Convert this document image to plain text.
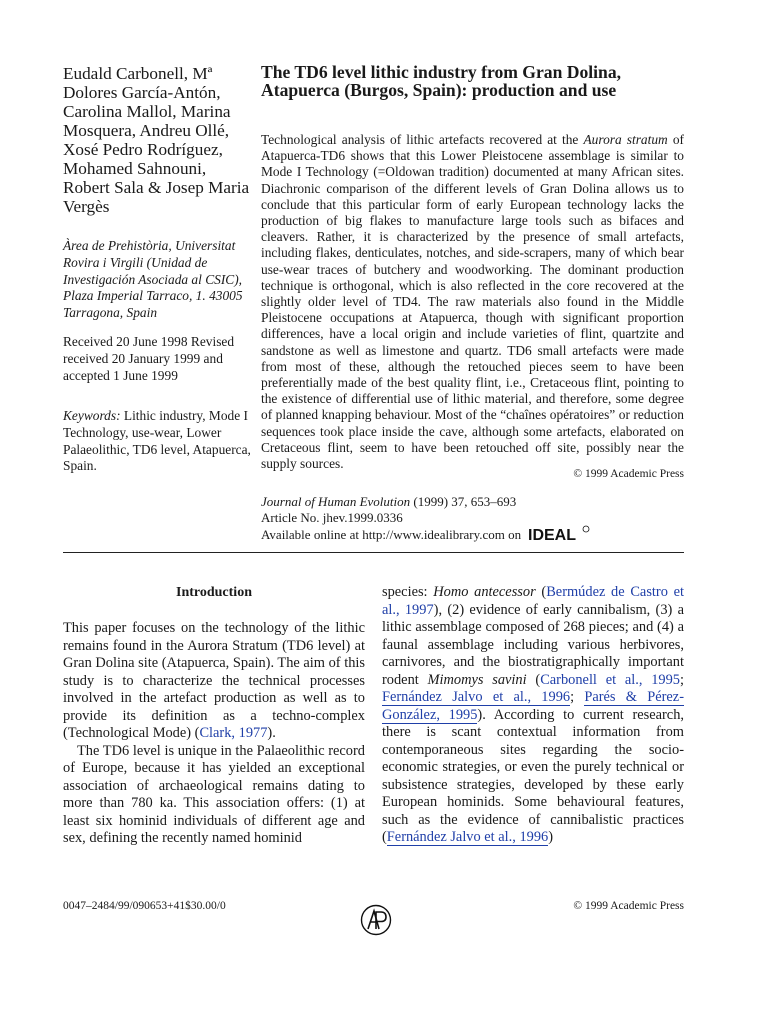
Eudald Carbonell, Mª Dolores García-Antón, Carolina Mallol, Marina Mosquera, Andreu Ollé, Xosé Pedro Rodríguez, Mohamed Sahnouni, Robert Sala & Josep Maria Vergès
Àrea de Prehistòria, Universitat Rovira i Virgili (Unidad de Investigación Asociada al CSIC), Plaza Imperial Tarraco, 1. 43005 Tarragona, Spain
Received 20 June 1998 Revised received 20 January 1999 and accepted 1 June 1999
Keywords: Lithic industry, Mode I Technology, use-wear, Lower Palaeolithic, TD6 level, Atapuerca, Spain.
The TD6 level lithic industry from Gran Dolina, Atapuerca (Burgos, Spain): production and use

Technological analysis of lithic artefacts recovered at the Aurora stratum of Atapuerca-TD6 shows that this Lower Pleistocene assemblage is similar to Mode I Technology (=Oldowan tradition) documented at many African sites. Diachronic comparison of the different levels of Gran Dolina allows us to conclude that this particular form of early European technology lacks the production of big flakes to manufacture large tools such as bifaces and cleavers. Rather, it is characterized by the presence of small artefacts, including flakes, denticulates, notches, and side-scrapers, many of which bear use-wear traces of butchery and woodworking. The dominant production technique is orthogonal, which is also reflected in the core recovered at the slightly older level of TD4. The raw materials also found in the Middle Pleistocene occupations at Atapuerca, though with significant proportion differences, have a local origin and include varieties of flint, quartzite and sandstone as well as limestone and quartz. TD6 small artefacts were made from most of these, although the retouched pieces seem to have been preferentially made of the best quality flint, i.e., Cretaceous flint, pointing to the existence of differential use of lithic material, and therefore, some degree of planned knapping behaviour. Most of the “chaînes opératoires” or reduction sequences took place inside the cave, although some artefacts, elaborated on Cretaceous flint, seem to have been retouched off site, possibly near the supply sources.

© 1999 Academic Press
Journal of Human Evolution (1999) 37, 653–693
Article No. jhev.1999.0336
Available online at http://www.idealibrary.com on IDEAL
Introduction

This paper focuses on the technology of the lithic remains found in the Aurora Stratum (TD6 level) at Gran Dolina site (Atapuerca, Spain). The aim of this study is to characterize the technical processes involved in the artefact production as well as to provide its definition as a techno-complex (Technological Mode) (Clark, 1977).

The TD6 level is unique in the Palaeolithic record of Europe, because it has yielded an exceptional association of archaeological remains dating to more than 780 ka. This association offers: (1) at least six hominid individuals of different age and sex, defining the recently named hominid

species: Homo antecessor (Bermúdez de Castro et al., 1997), (2) evidence of early cannibalism, (3) a lithic assemblage composed of 268 pieces; and (4) a faunal assemblage including various herbivores, carnivores, and the biostratigraphically important rodent Mimomys savini (Carbonell et al., 1995; Fernández Jalvo et al., 1996; Parés & Pérez-González, 1995). According to current research, there is scant contextual information from contemporaneous sites regarding the socio-economic strategies, or even the purely technical or subsistence strategies, developed by these early European hominids. Some behavioural features, such as the evidence of cannibalistic practices (Fernández Jalvo et al., 1996)
0047–2484/99/090653+41$30.00/0	© 1999 Academic Press
